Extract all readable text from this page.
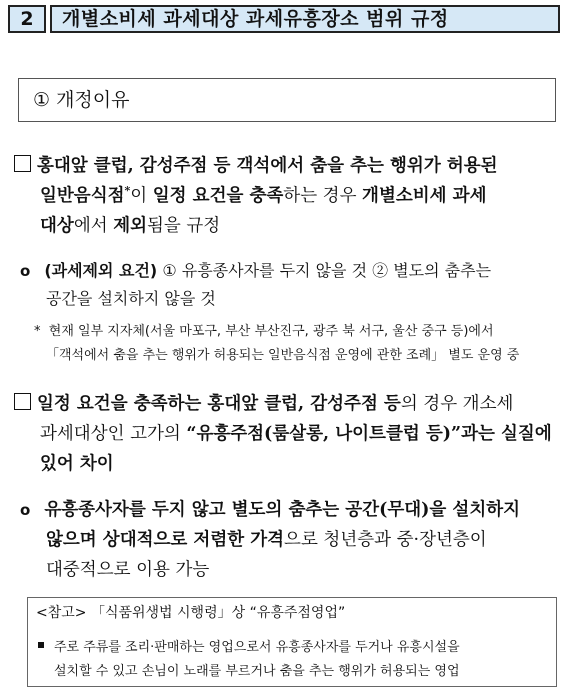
2	개별소비세 과세대상 과세유흥장소 범위 규정
① 개정이유
홍대앞 클럽, 감성주점 등 객석에서 춤을 추는 행위가 허용된
일반음식점*이 일정 요건을 충족하는 경우 개별소비세 과세
대상에서 제외됨을 규정
o (과세제외 요건) ① 유흥종사자를 두지 않을 것 ② 별도의 춤추는
공간을 설치하지 않을 것
* 현재 일부 지자체(서울 마포구, 부산 부산진구, 광주 북 서구, 울산 중구 등)에서
「객석에서 춤을 추는 행위가 허용되는 일반음식점 운영에 관한 조례」 별도 운영 중
일정 요건을 충족하는 홍대앞 클럽, 감성주점 등의 경우 개소세
과세대상인 고가의 “유흥주점(룸살롱, 나이트클럽 등)”과는 실질에
있어 차이
o 유흥종사자를 두지 않고 별도의 춤추는 공간(무대)을 설치하지
않으며 상대적으로 저렴한 가격으로 청년층과 중·장년층이
대중적으로 이용 가능
<참고> 「식품위생법 시행령」상 “유흥주점영업”
주로 주류를 조리·판매하는 영업으로서 유흥종사자를 두거나 유흥시설을
설치할 수 있고 손님이 노래를 부르거나 춤을 추는 행위가 허용되는 영업
